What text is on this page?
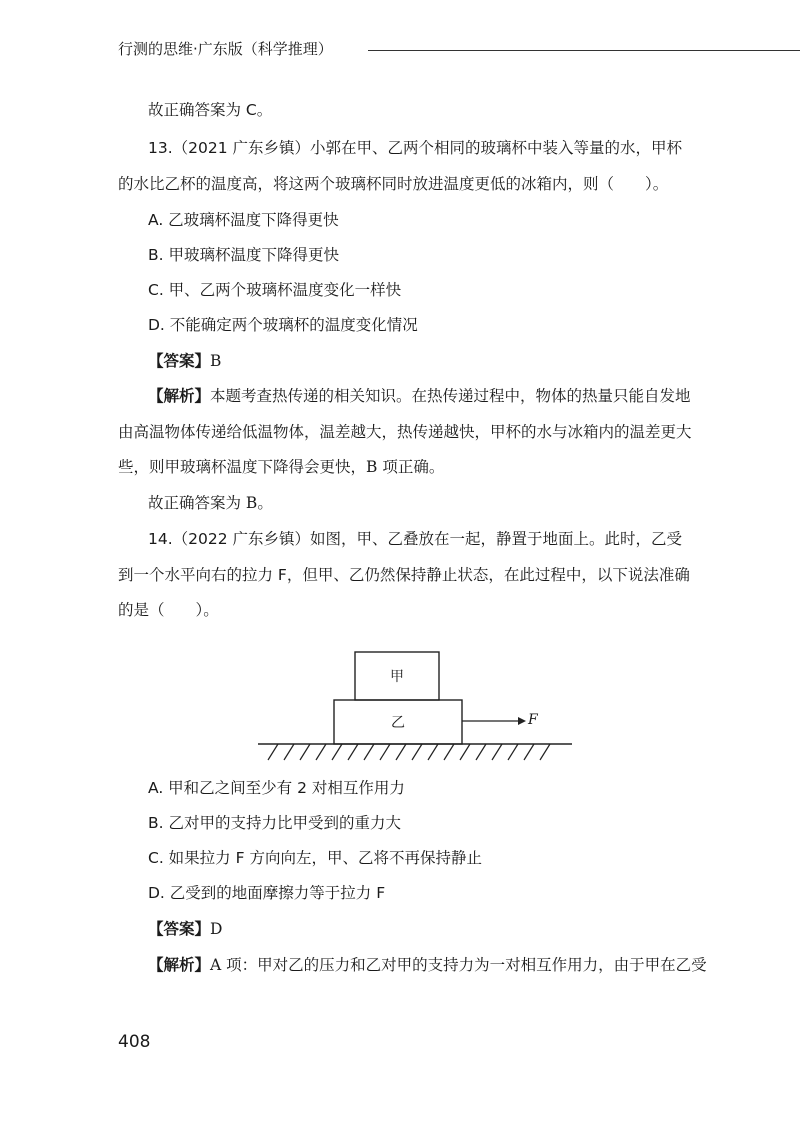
行测的思维·广东版（科学推理）
故正确答案为 C。
13.（2021 广东乡镇）小郭在甲、乙两个相同的玻璃杯中装入等量的水，甲杯
的水比乙杯的温度高，将这两个玻璃杯同时放进温度更低的冰箱内，则（　　）。
A. 乙玻璃杯温度下降得更快
B. 甲玻璃杯温度下降得更快
C. 甲、乙两个玻璃杯温度变化一样快
D. 不能确定两个玻璃杯的温度变化情况
【答案】B
【解析】本题考查热传递的相关知识。在热传递过程中，物体的热量只能自发地
由高温物体传递给低温物体，温差越大，热传递越快，甲杯的水与冰箱内的温差更大
些，则甲玻璃杯温度下降得会更快，B 项正确。
故正确答案为 B。
14.（2022 广东乡镇）如图，甲、乙叠放在一起，静置于地面上。此时，乙受
到一个水平向右的拉力 F，但甲、乙仍然保持静止状态，在此过程中，以下说法准确
的是（　　）。
甲
乙	F
A. 甲和乙之间至少有 2 对相互作用力
B. 乙对甲的支持力比甲受到的重力大
C. 如果拉力 F 方向向左，甲、乙将不再保持静止
D. 乙受到的地面摩擦力等于拉力 F
【答案】D
【解析】A 项：甲对乙的压力和乙对甲的支持力为一对相互作用力，由于甲在乙受
408
